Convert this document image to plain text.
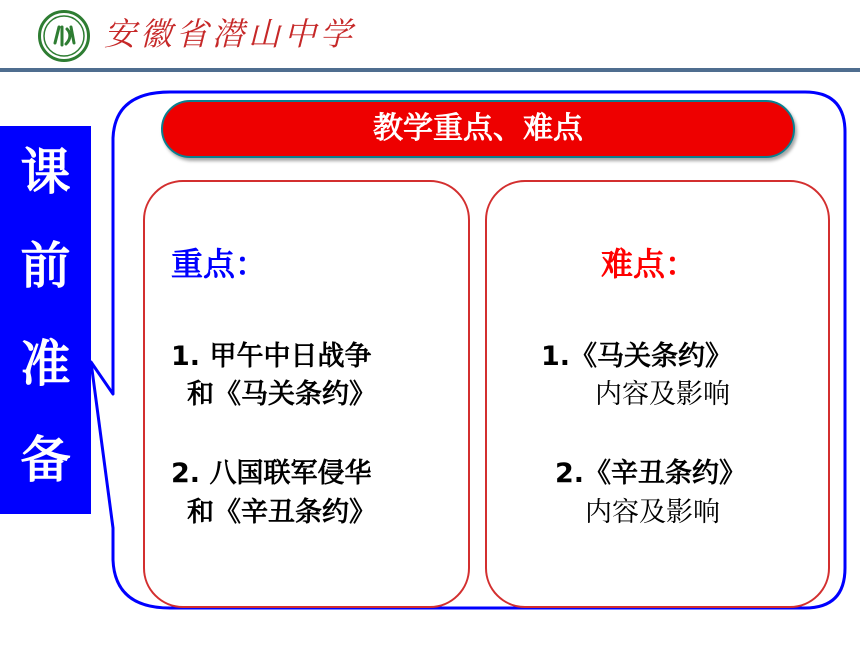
安徽省潜山中学
课
前
准
备
教学重点、难点
重点：
1. 甲午中日战争
和《马关条约》
2. 八国联军侵华
和《辛丑条约》
难点：
1.《马关条约》
内容及影响
2.《辛丑条约》
内容及影响
